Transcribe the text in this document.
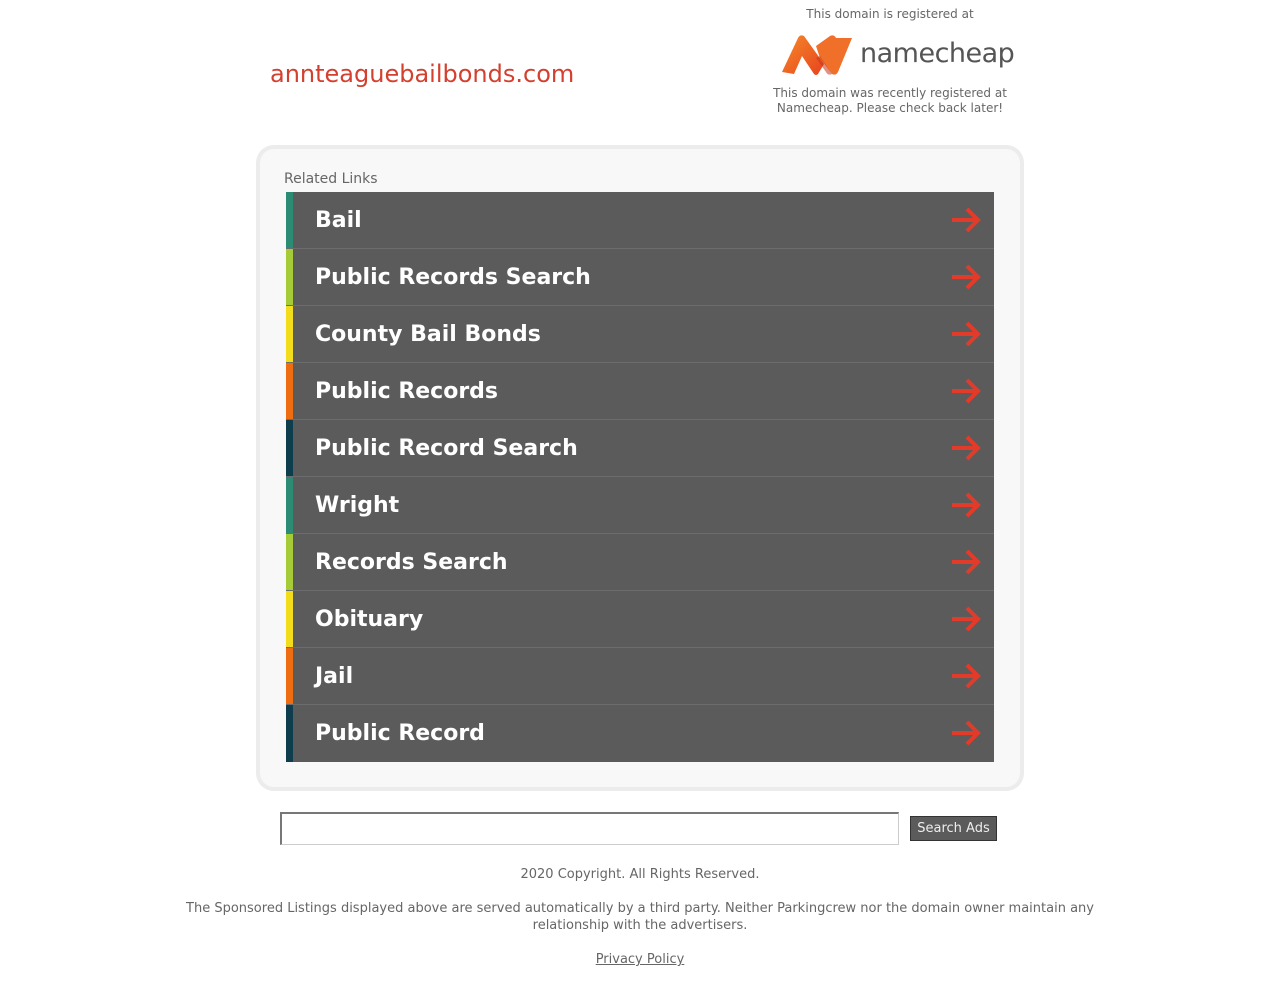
annteaguebailbonds.com
This domain is registered at
namecheap
This domain was recently registered at Namecheap. Please check back later!
Related Links
Bail
Public Records Search
County Bail Bonds
Public Records
Public Record Search
Wright
Records Search
Obituary
Jail
Public Record
Search Ads
2020 Copyright. All Rights Reserved.
The Sponsored Listings displayed above are served automatically by a third party. Neither Parkingcrew nor the domain owner maintain any relationship with the advertisers.
Privacy Policy
